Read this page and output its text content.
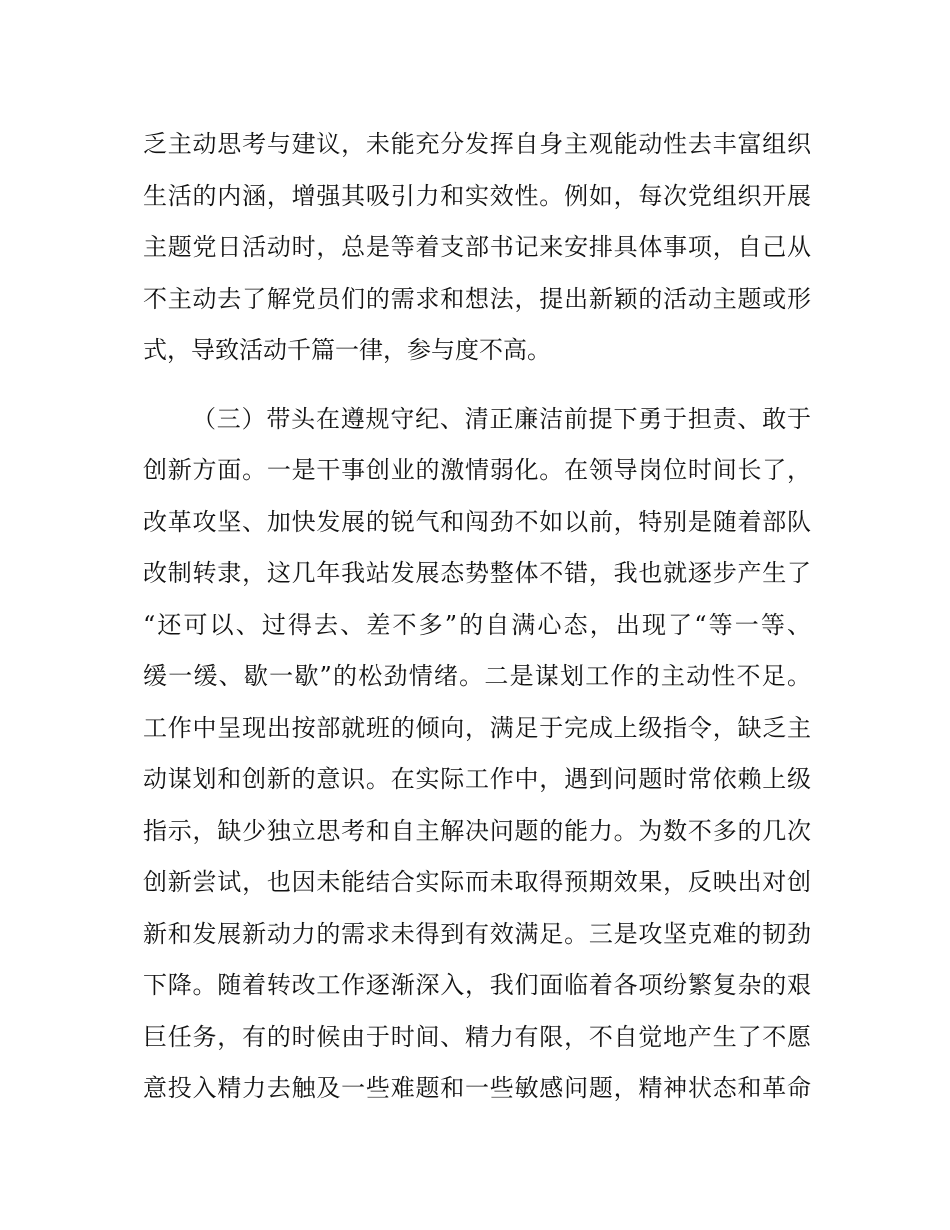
乏主动思考与建议，未能充分发挥自身主观能动性去丰富组织
生活的内涵，增强其吸引力和实效性。例如，每次党组织开展
主题党日活动时，总是等着支部书记来安排具体事项，自己从
不主动去了解党员们的需求和想法，提出新颖的活动主题或形
式，导致活动千篇一律，参与度不高。
（三）带头在遵规守纪、清正廉洁前提下勇于担责、敢于
创新方面。一是干事创业的激情弱化。在领导岗位时间长了，
改革攻坚、加快发展的锐气和闯劲不如以前，特别是随着部队
改制转隶，这几年我站发展态势整体不错，我也就逐步产生了
“还可以、过得去、差不多”的自满心态，出现了“等一等、
缓一缓、歇一歇”的松劲情绪。二是谋划工作的主动性不足。
工作中呈现出按部就班的倾向，满足于完成上级指令，缺乏主
动谋划和创新的意识。在实际工作中，遇到问题时常依赖上级
指示，缺少独立思考和自主解决问题的能力。为数不多的几次
创新尝试，也因未能结合实际而未取得预期效果，反映出对创
新和发展新动力的需求未得到有效满足。三是攻坚克难的韧劲
下降。随着转改工作逐渐深入，我们面临着各项纷繁复杂的艰
巨任务，有的时候由于时间、精力有限，不自觉地产生了不愿
意投入精力去触及一些难题和一些敏感问题，精神状态和革命
